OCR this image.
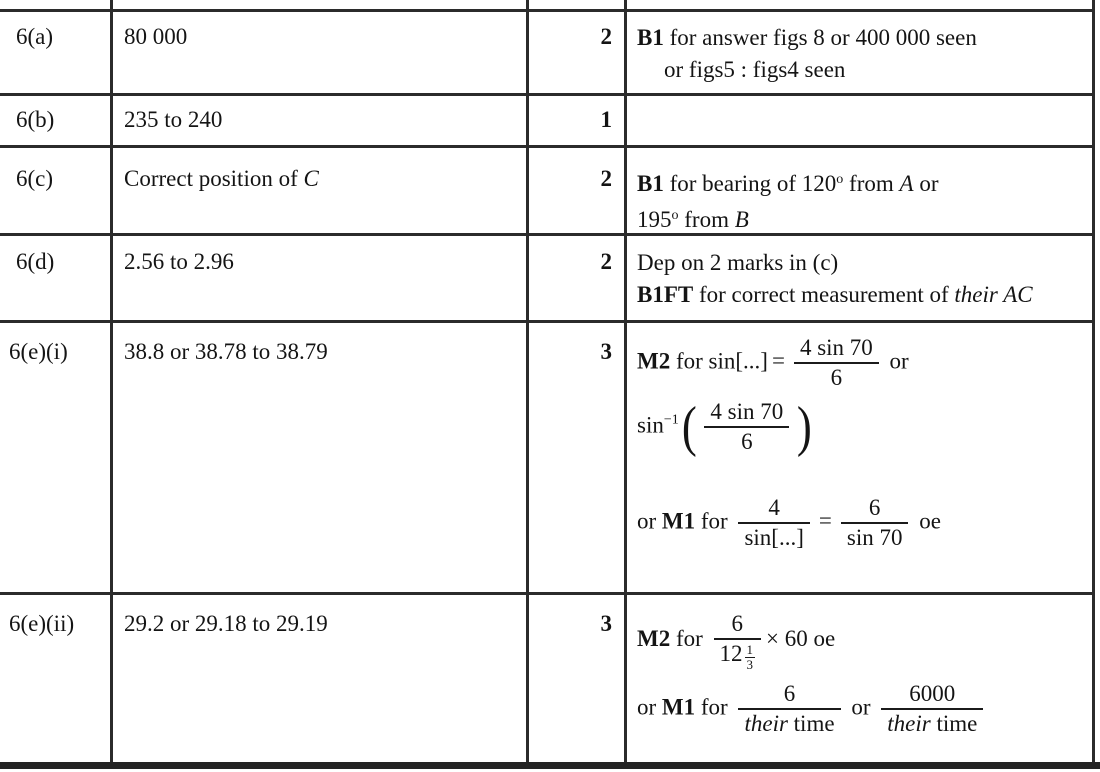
6(a)	80 000	2 B1 for answer figs 8 or 400 000 seen
or figs5 : figs4 seen
6(b)	235 to 240	1
6(c)	Correct position of C	2 B1 for bearing of 120$^o$ from A or
195$^o$ from B
6(d)	2.56 to 2.96	2 Dep on 2 marks in (c)
B1FT for correct measurement of their AC
6(e)(i) 38.8 or 38.78 to 38.79	3 M2 for $\sin[...] = \frac{4 \sin 70}{6}$ or
$\sin^{-1}( \frac{4 \sin 70}{6}$ )
or M1 for $\frac{4}{\sin[...]} = \frac{6}{\sin 70}$ oe
6(e)(ii) 29.2 or 29.18 to 29.19	3
M2 for $\frac{6}{12 \frac{1}{3}} \times 60$ oe
or M1 for $\frac{6}{\text{their time}}$ or $\frac{6000}{\text{their time}}$
